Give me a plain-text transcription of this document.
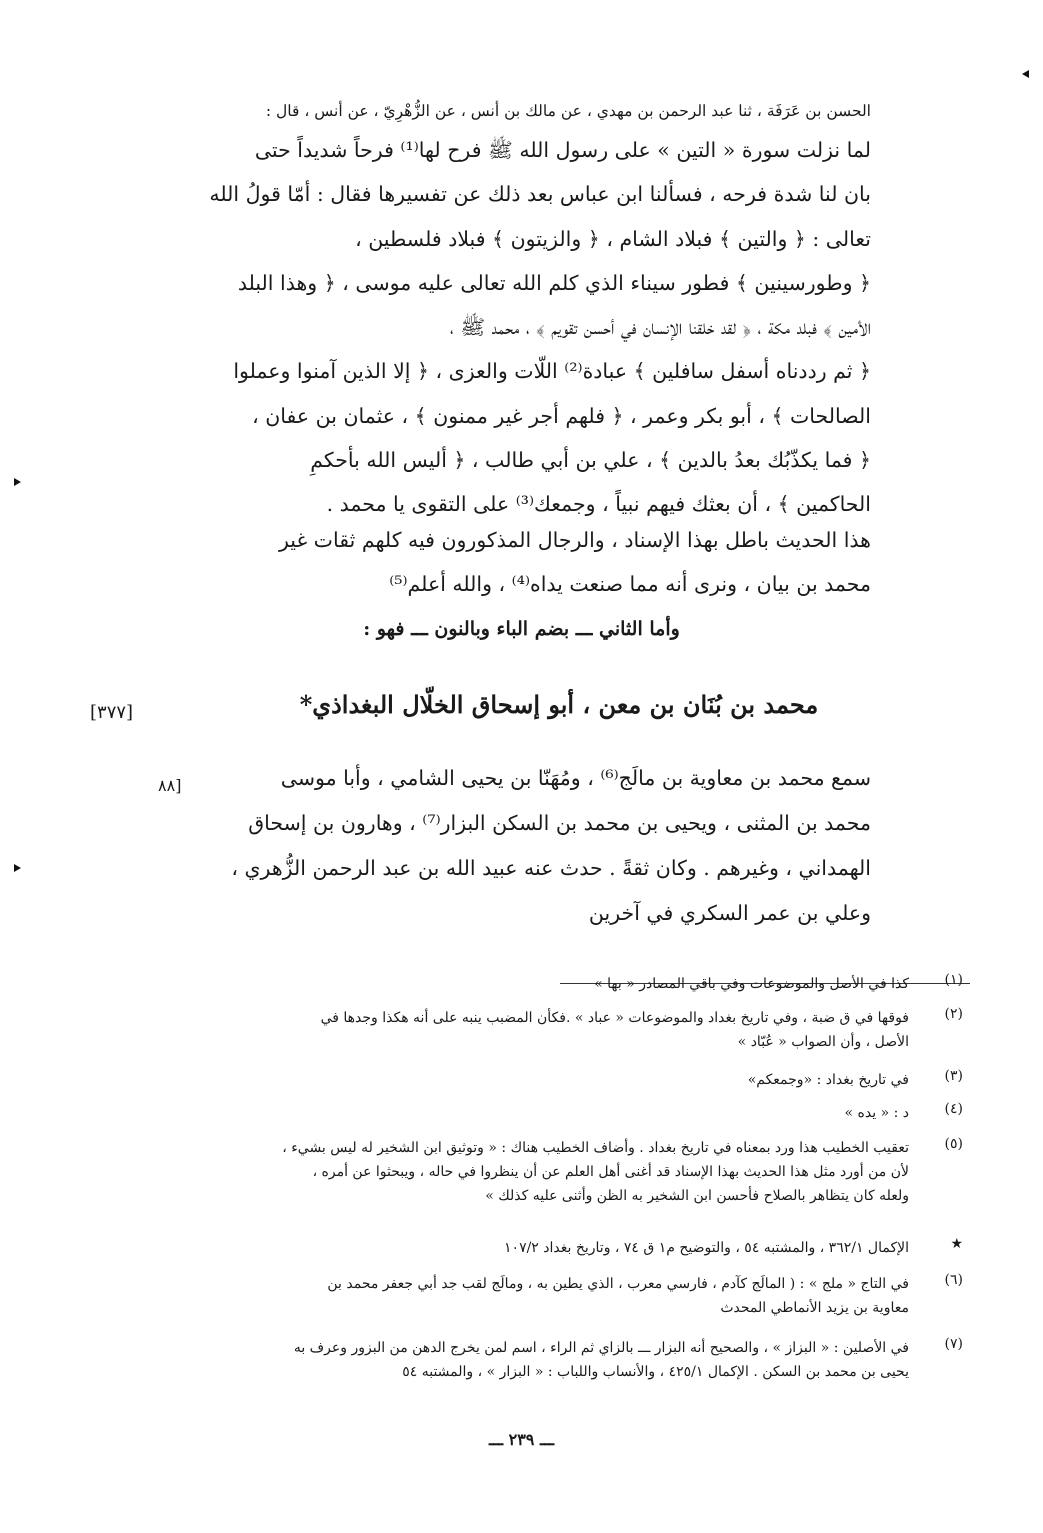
الحسن بن عَرَفَة ، ثنا عبد الرحمن بن مهدي ، عن مالك بن أنس ، عن الزُّهْرِيّ ، عن أنس ، قال :
لما نزلت سورة « التين » على رسول الله ﷺ فرح لها⁽¹⁾ فرحاً شديداً حتى
بان لنا شدة فرحه ، فسألنا ابن عباس بعد ذلك عن تفسيرها فقال : أمّا قولُ الله
تعالى : ﴿ والتين ﴾ فبلاد الشام ، ﴿ والزيتون ﴾ فبلاد فلسطين ،
﴿ وطورسينين ﴾ فطور سيناء الذي كلم الله تعالى عليه موسى ، ﴿ وهذا البلد
الأمين ﴾ فبلد مكة ، ﴿ لقد خلقنا الإنسان في أحسن تقويم ﴾ ، محمد ﷺ ،
﴿ ثم رددناه أسفل سافلين ﴾ عبادة⁽²⁾ اللّات والعزى ، ﴿ إلا الذين آمنوا وعملوا
الصالحات ﴾ ، أبو بكر وعمر ، ﴿ فلهم أجر غير ممنون ﴾ ، عثمان بن عفان ،
﴿ فما يكذّبُك بعدُ بالدين ﴾ ، علي بن أبي طالب ، ﴿ أليس الله بأحكمِ
الحاكمين ﴾ ، أن بعثك فيهم نبياً ، وجمعك⁽³⁾ على التقوى يا محمد .
هذا الحديث باطل بهذا الإسناد ، والرجال المذكورون فيه كلهم ثقات غير
محمد بن بيان ، ونرى أنه مما صنعت يداه⁽⁴⁾ ، والله أعلم⁽⁵⁾
وأما الثاني ـــ بضم الباء وبالنون ـــ فهو :
[٣٧٧]	محمد بن بُنَان بن معن ، أبو إسحاق الخلّال البغداذي*
[٨٨	سمع محمد بن معاوية بن مالَج⁽⁶⁾ ، ومُهَنّا بن يحيى الشامي ، وأبا موسى
محمد بن المثنى ، ويحيى بن محمد بن السكن البزار⁽⁷⁾ ، وهارون بن إسحاق
الهمداني ، وغيرهم . وكان ثقةً . حدث عنه عبيد الله بن عبد الرحمن الزُّهري ،
وعلي بن عمر السكري في آخرين
(١)
كذا في الأصل والموضوعات وفي باقي المصادر « بها »
(٢)
فوقها في ق ضبة ، وفي تاريخ بغداد والموضوعات « عباد » .فكأن المضبب ينبه على أنه هكذا وجدها في
الأصل ، وأن الصواب « عُبّاد »
(٣)
في تاريخ بغداد : «وجمعكم»
(٤)
د : « يده »
(٥)
تعقيب الخطيب هذا ورد بمعناه في تاريخ بغداد . وأضاف الخطيب هناك : « وتوثيق ابن الشخير له ليس بشيء ،
لأن من أورد مثل هذا الحديث بهذا الإسناد قد أغنى أهل العلم عن أن ينظروا في حاله ، ويبحثوا عن أمره ،
ولعله كان يتظاهر بالصلاح فأحسن ابن الشخير به الظن وأثنى عليه كذلك »
★
الإكمال ٣٦٢/١ ، والمشتبه ٥٤ ، والتوضيح م١ ق ٧٤ ، وتاريخ بغداد ١٠٧/٢
(٦)
في التاج « ملج » : ( المالَج كآدم ، فارسي معرب ، الذي يطين به ، ومالَج لقب جد أبي جعفر محمد بن
معاوية بن يزيد الأنماطي المحدث
(٧)
في الأصلين : « البزاز » ، والصحيح أنه البزار ـــ بالزاي ثم الراء ، اسم لمن يخرج الدهن من البزور وعرف به
يحيى بن محمد بن السكن . الإكمال ٤٢٥/١ ، والأنساب واللباب : « البزار » ، والمشتبه ٥٤
ـــ ٢٣٩ ـــ
